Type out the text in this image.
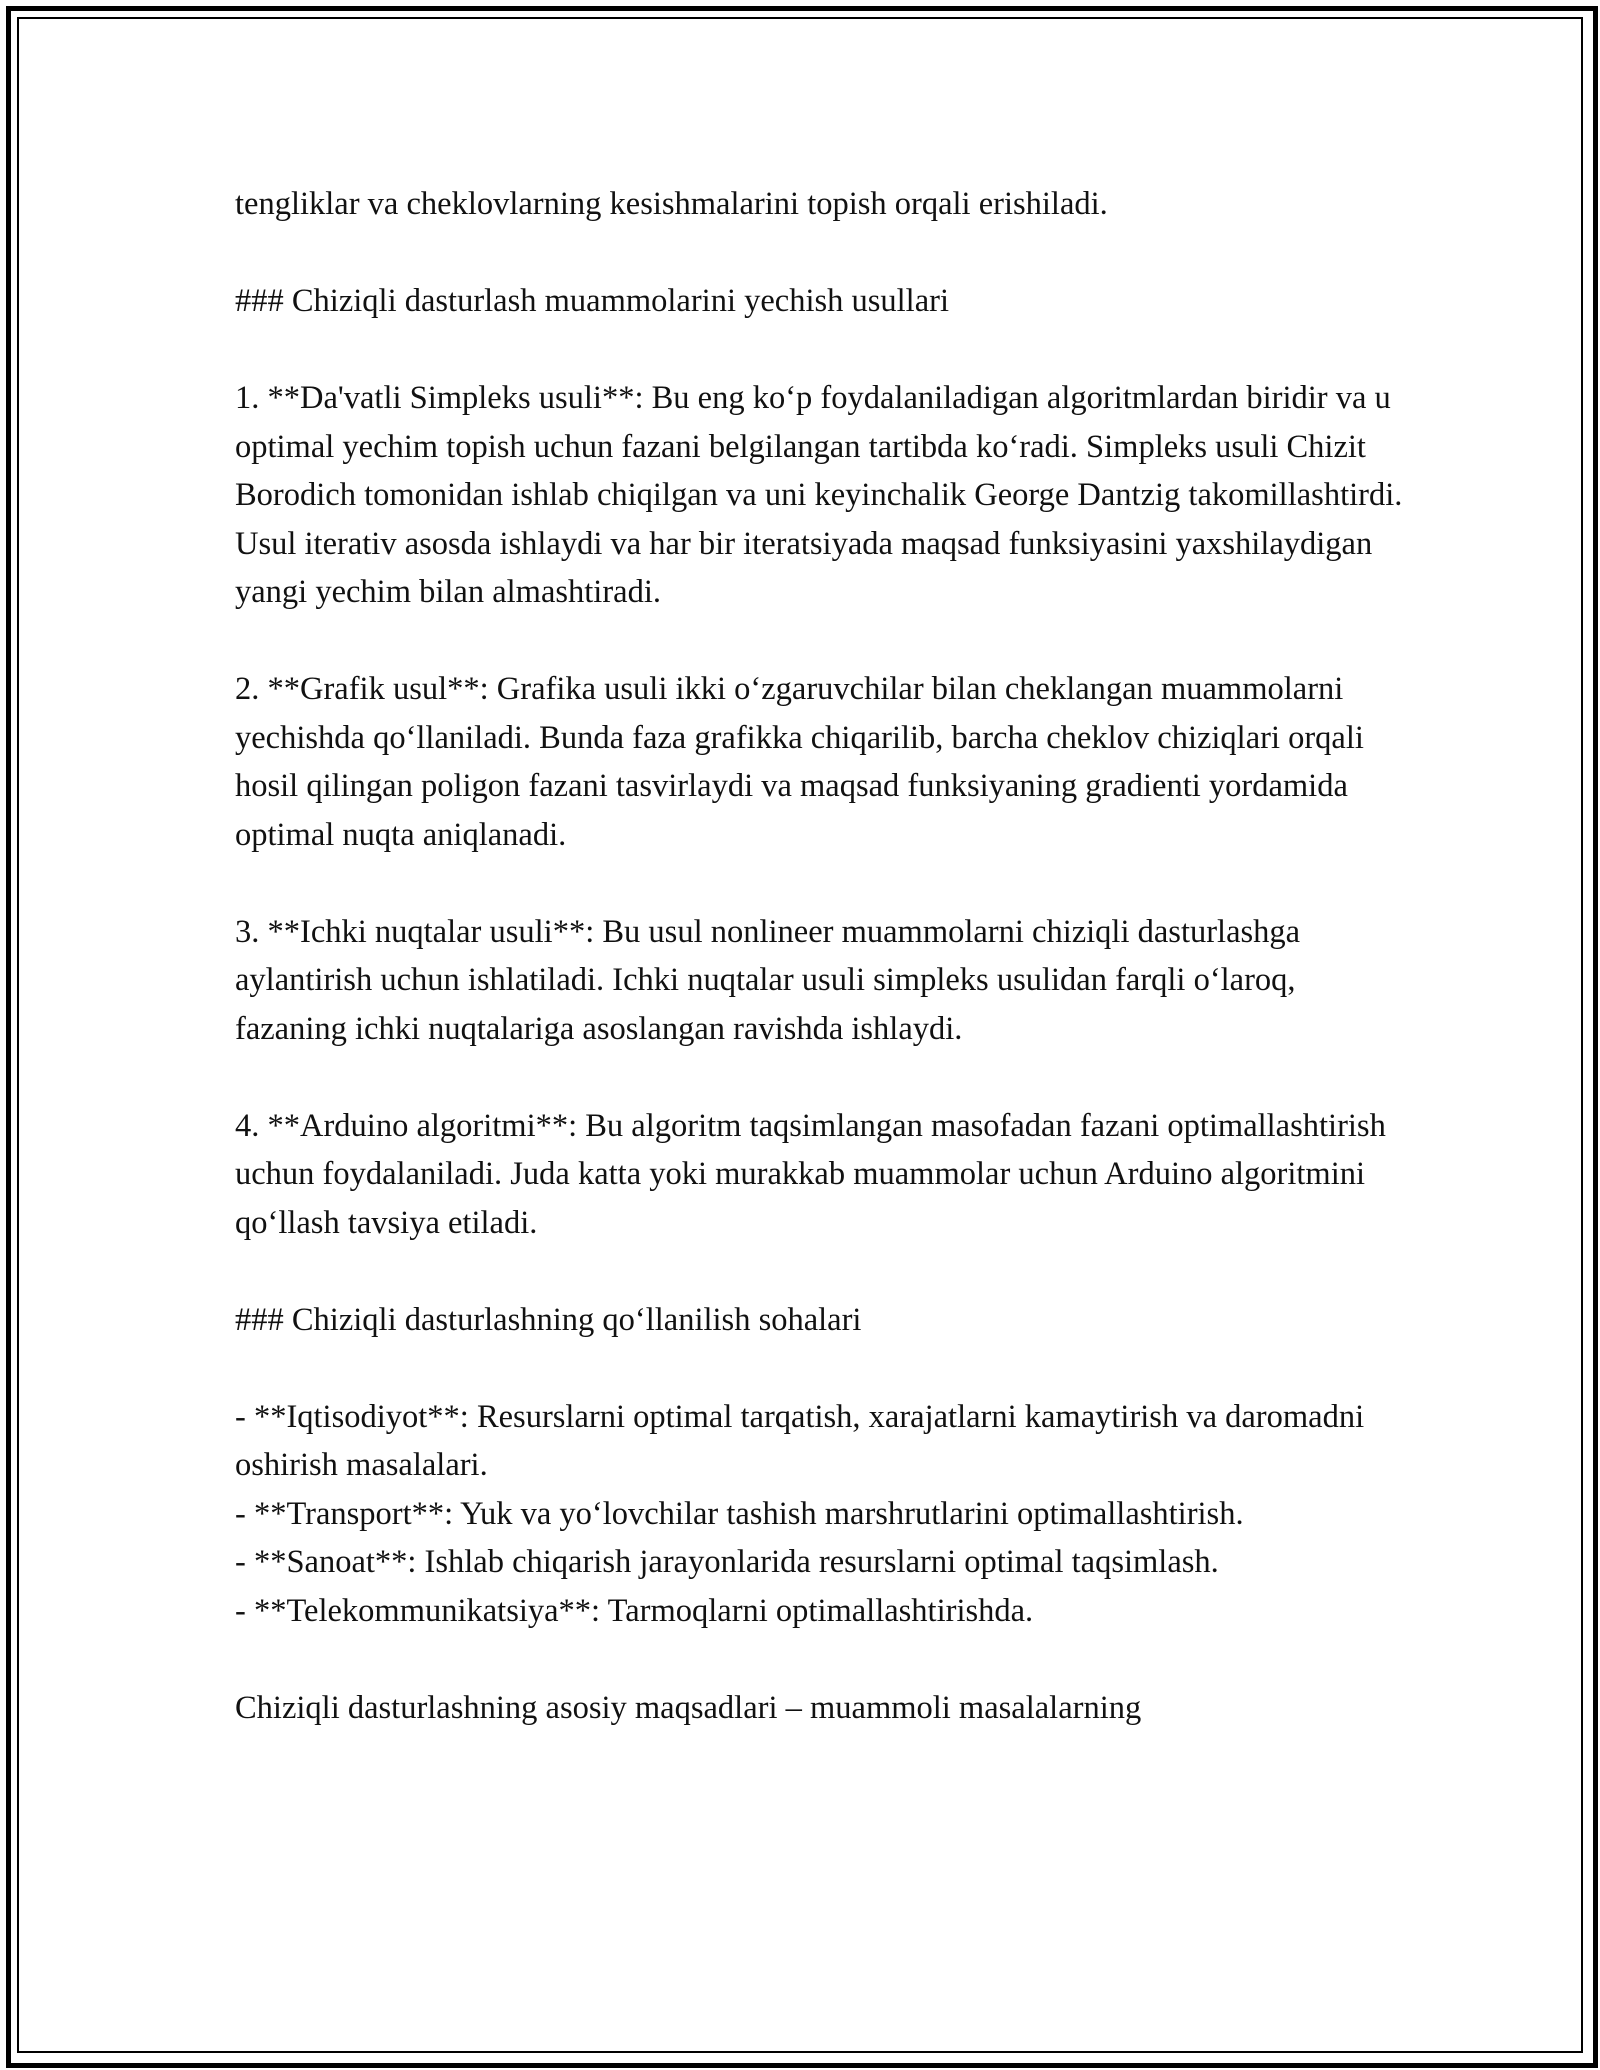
tengliklar va cheklovlarning kesishmalarini topish orqali erishiladi.

### Chiziqli dasturlash muammolarini yechish usullari

1. **Da'vatli Simpleks usuli**: Bu eng ko‘p foydalaniladigan algoritmlardan biridir va u optimal yechim topish uchun fazani belgilangan tartibda ko‘radi. Simpleks usuli Chizit Borodich tomonidan ishlab chiqilgan va uni keyinchalik George Dantzig takomillashtirdi. Usul iterativ asosda ishlaydi va har bir iteratsiyada maqsad funksiyasini yaxshilaydigan yangi yechim bilan almashtiradi.

2. **Grafik usul**: Grafika usuli ikki o‘zgaruvchilar bilan cheklangan muammolarni yechishda qo‘llaniladi. Bunda faza grafikka chiqarilib, barcha cheklov chiziqlari orqali hosil qilingan poligon fazani tasvirlaydi va maqsad funksiyaning gradienti yordamida optimal nuqta aniqlanadi.

3. **Ichki nuqtalar usuli**: Bu usul nonlineer muammolarni chiziqli dasturlashga aylantirish uchun ishlatiladi. Ichki nuqtalar usuli simpleks usulidan farqli o‘laroq, fazaning ichki nuqtalariga asoslangan ravishda ishlaydi.

4. **Arduino algoritmi**: Bu algoritm taqsimlangan masofadan fazani optimallashtirish uchun foydalaniladi. Juda katta yoki murakkab muammolar uchun Arduino algoritmini qo‘llash tavsiya etiladi.

### Chiziqli dasturlashning qo‘llanilish sohalari

- **Iqtisodiyot**: Resurslarni optimal tarqatish, xarajatlarni kamaytirish va daromadni oshirish masalalari.

- **Transport**: Yuk va yo‘lovchilar tashish marshrutlarini optimallashtirish.

- **Sanoat**: Ishlab chiqarish jarayonlarida resurslarni optimal taqsimlash.

- **Telekommunikatsiya**: Tarmoqlarni optimallashtirishda.

Chiziqli dasturlashning asosiy maqsadlari – muammoli masalalarning
